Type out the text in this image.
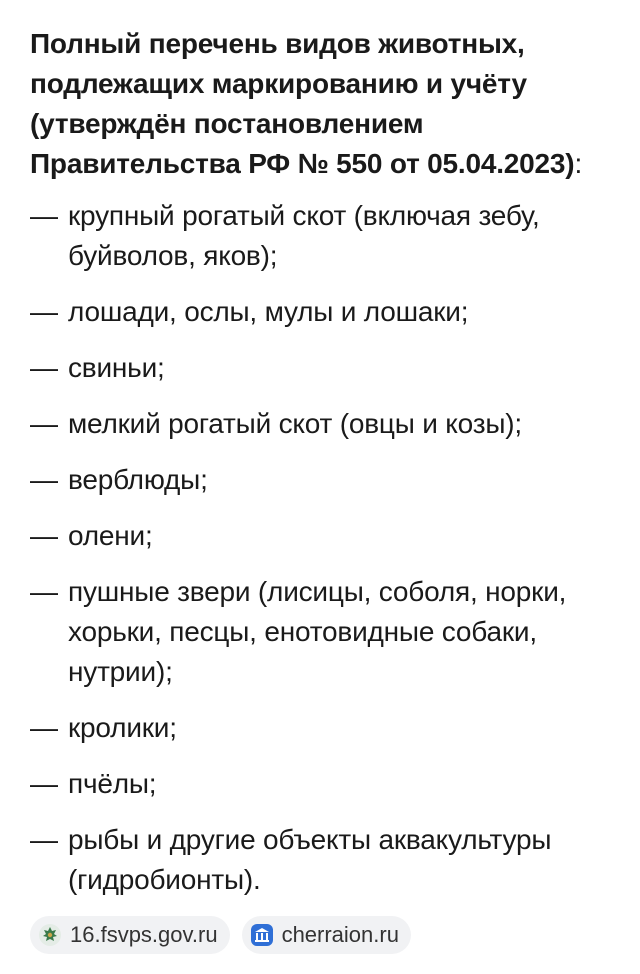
Полный перечень видов животных, подлежащих маркированию и учёту (утверждён постановлением Правительства РФ № 550 от 05.04.2023):
— крупный рогатый скот (включая зебу, буйволов, яков);
— лошади, ослы, мулы и лошаки;
— свиньи;
— мелкий рогатый скот (овцы и козы);
— верблюды;
— олени;
— пушные звери (лисицы, соболя, норки, хорьки, песцы, енотовидные собаки, нутрии);
— кролики;
— пчёлы;
— рыбы и другие объекты аквакультуры (гидробионты).
16.fsvps.gov.ru	cherraion.ru
